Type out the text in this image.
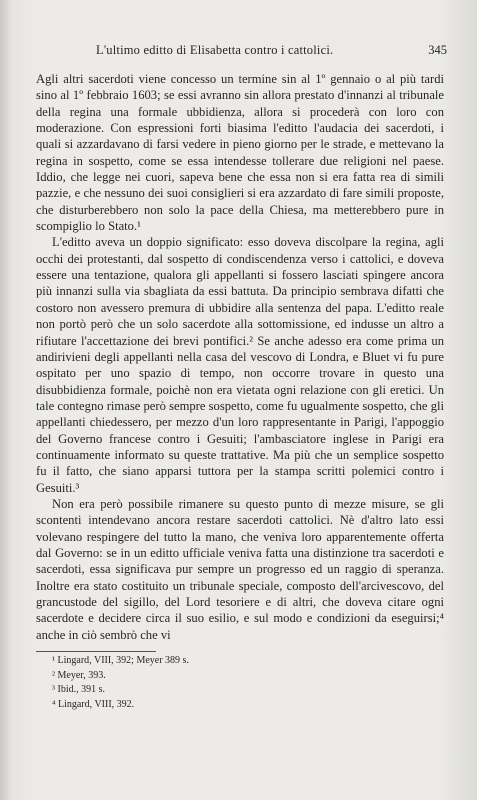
L'ultimo editto di Elisabetta contro i cattolici.	345

Agli altri sacerdoti viene concesso un termine sin al 1º gennaio o al più tardi sino al 1º febbraio 1603; se essi avranno sin allora prestato d'innanzi al tribunale della regina una formale ubbidienza, allora si procederà con loro con moderazione. Con espressioni forti biasima l'editto l'audacia dei sacerdoti, i quali si azzardavano di farsi vedere in pieno giorno per le strade, e mettevano la regina in sospetto, come se essa intendesse tollerare due religioni nel paese. Iddio, che legge nei cuori, sapeva bene che essa non si era fatta rea di simili pazzie, e che nessuno dei suoi consiglieri si era azzardato di fare simili proposte, che disturberebbero non solo la pace della Chiesa, ma metterebbero pure in scompiglio lo Stato.¹

L'editto aveva un doppio significato: esso doveva discolpare la regina, agli occhi dei protestanti, dal sospetto di condiscendenza verso i cattolici, e doveva essere una tentazione, qualora gli appellanti si fossero lasciati spingere ancora più innanzi sulla via sbagliata da essi battuta. Da principio sembrava difatti che costoro non avessero premura di ubbidire alla sentenza del papa. L'editto reale non portò però che un solo sacerdote alla sottomissione, ed indusse un altro a rifiutare l'accettazione dei brevi pontifici.² Se anche adesso era come prima un andirivieni degli appellanti nella casa del vescovo di Londra, e Bluet vi fu pure ospitato per uno spazio di tempo, non occorre trovare in questo una disubbidienza formale, poichè non era vietata ogni relazione con gli eretici. Un tale contegno rimase però sempre sospetto, come fu ugualmente sospetto, che gli appellanti chiedessero, per mezzo d'un loro rappresentante in Parigi, l'appoggio del Governo francese contro i Gesuiti; l'ambasciatore inglese in Parigi era continuamente informato su queste trattative. Ma più che un semplice sospetto fu il fatto, che siano apparsi tuttora per la stampa scritti polemici contro i Gesuiti.³

Non era però possibile rimanere su questo punto di mezze misure, se gli scontenti intendevano ancora restare sacerdoti cattolici. Nè d'altro lato essi volevano respingere del tutto la mano, che veniva loro apparentemente offerta dal Governo: se in un editto ufficiale veniva fatta una distinzione tra sacerdoti e sacerdoti, essa significava pur sempre un progresso ed un raggio di speranza. Inoltre era stato costituito un tribunale speciale, composto dell'arcivescovo, del grancustode del sigillo, del Lord tesoriere e di altri, che doveva citare ogni sacerdote e decidere circa il suo esilio, e sul modo e condizioni da eseguirsi;⁴ anche in ciò sembrò che vi

¹ Lingard, VIII, 392; Meyer 389 s.
² Meyer, 393.
³ Ibid., 391 s.
⁴ Lingard, VIII, 392.
